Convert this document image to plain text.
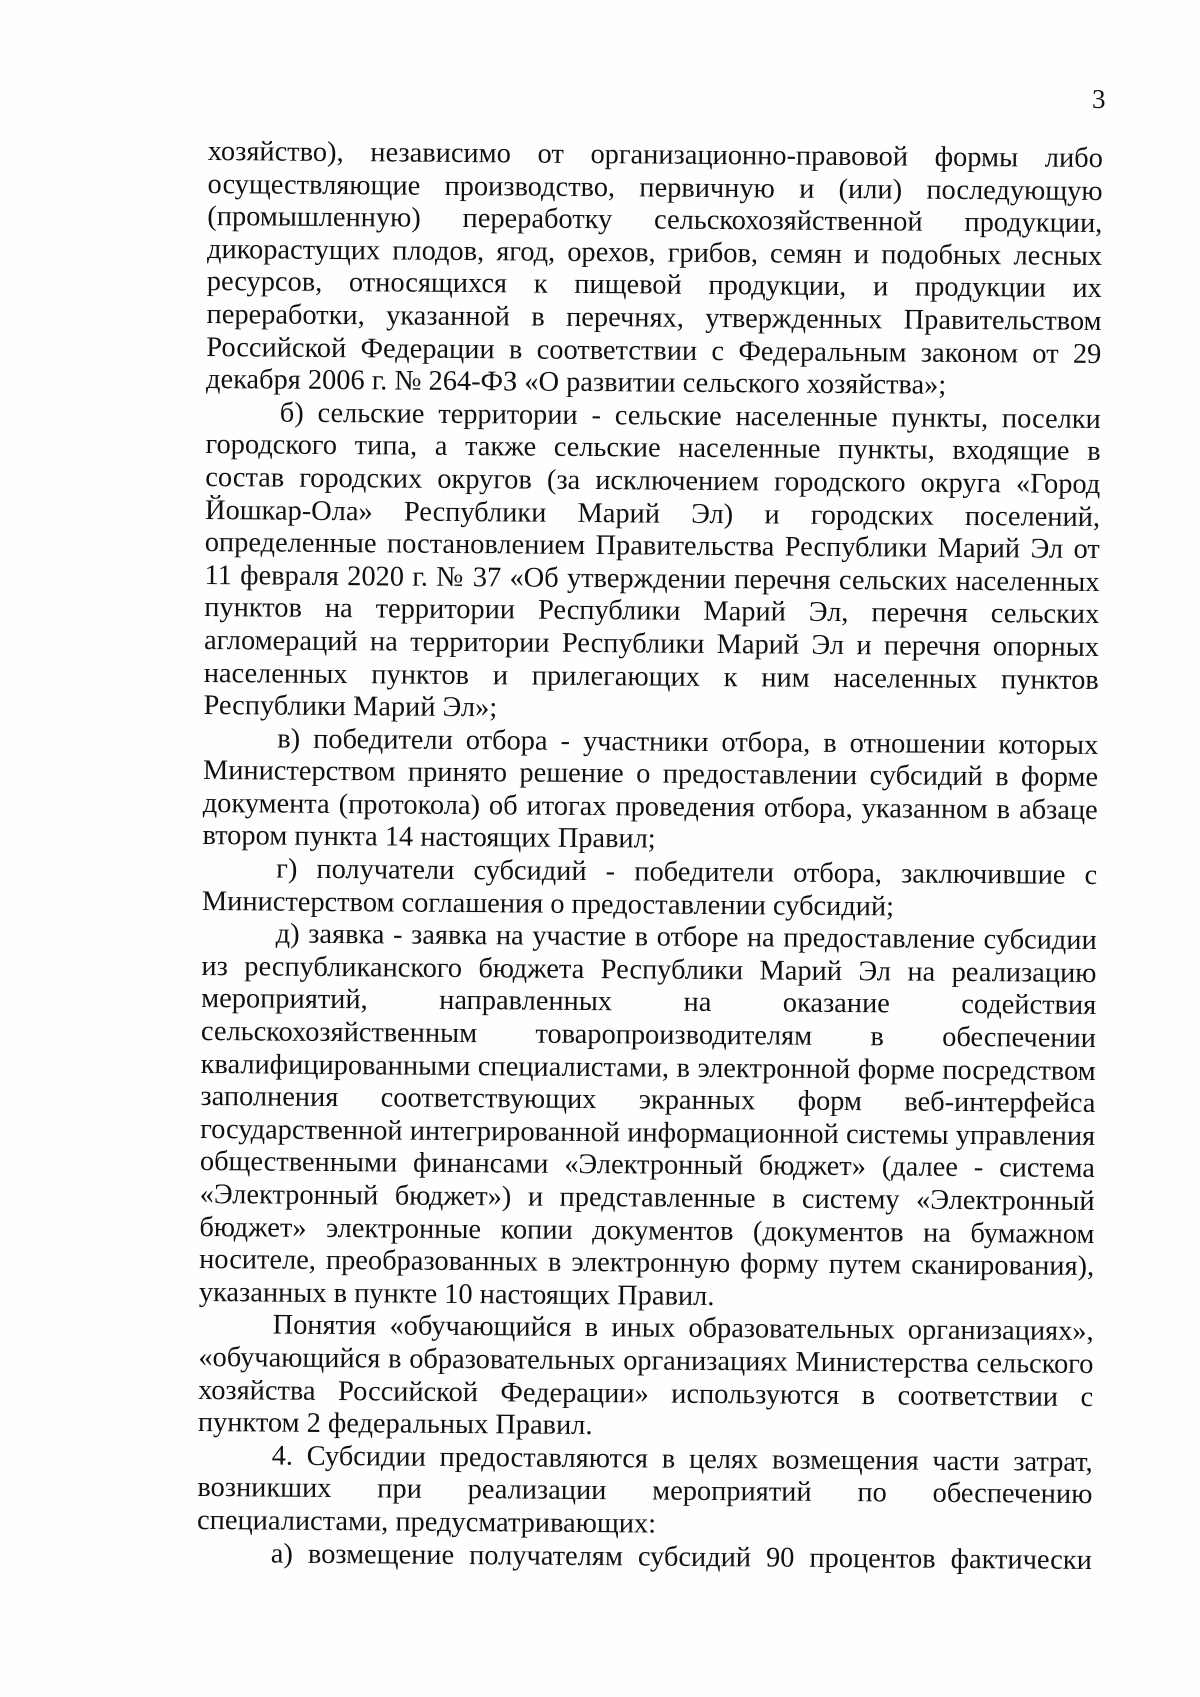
3

хозяйство), независимо от организационно-правовой формы либо осуществляющие производство, первичную и (или) последующую (промышленную) переработку сельскохозяйственной продукции, дикорастущих плодов, ягод, орехов, грибов, семян и подобных лесных ресурсов, относящихся к пищевой продукции, и продукции их переработки, указанной в перечнях, утвержденных Правительством Российской Федерации в соответствии с Федеральным законом от 29 декабря 2006 г. № 264-ФЗ «О развитии сельского хозяйства»;

б) сельские территории - сельские населенные пункты, поселки городского типа, а также сельские населенные пункты, входящие в состав городских округов (за исключением городского округа «Город Йошкар-Ола» Республики Марий Эл) и городских поселений, определенные постановлением Правительства Республики Марий Эл от 11 февраля 2020 г. № 37 «Об утверждении перечня сельских населенных пунктов на территории Республики Марий Эл, перечня сельских агломераций на территории Республики Марий Эл и перечня опорных населенных пунктов и прилегающих к ним населенных пунктов Республики Марий Эл»;

в) победители отбора - участники отбора, в отношении которых Министерством принято решение о предоставлении субсидий в форме документа (протокола) об итогах проведения отбора, указанном в абзаце втором пункта 14 настоящих Правил;

г) получатели субсидий - победители отбора, заключившие с Министерством соглашения о предоставлении субсидий;

д) заявка - заявка на участие в отборе на предоставление субсидии из республиканского бюджета Республики Марий Эл на реализацию мероприятий, направленных на оказание содействия сельскохозяйственным товаропроизводителям в обеспечении квалифицированными специалистами, в электронной форме посредством заполнения соответствующих экранных форм веб-интерфейса государственной интегрированной информационной системы управления общественными финансами «Электронный бюджет» (далее - система «Электронный бюджет») и представленные в систему «Электронный бюджет» электронные копии документов (документов на бумажном носителе, преобразованных в электронную форму путем сканирования), указанных в пункте 10 настоящих Правил.

Понятия «обучающийся в иных образовательных организациях», «обучающийся в образовательных организациях Министерства сельского хозяйства Российской Федерации» используются в соответствии с пунктом 2 федеральных Правил.

4. Субсидии предоставляются в целях возмещения части затрат, возникших при реализации мероприятий по обеспечению специалистами, предусматривающих:

а) возмещение получателям субсидий 90 процентов фактически
